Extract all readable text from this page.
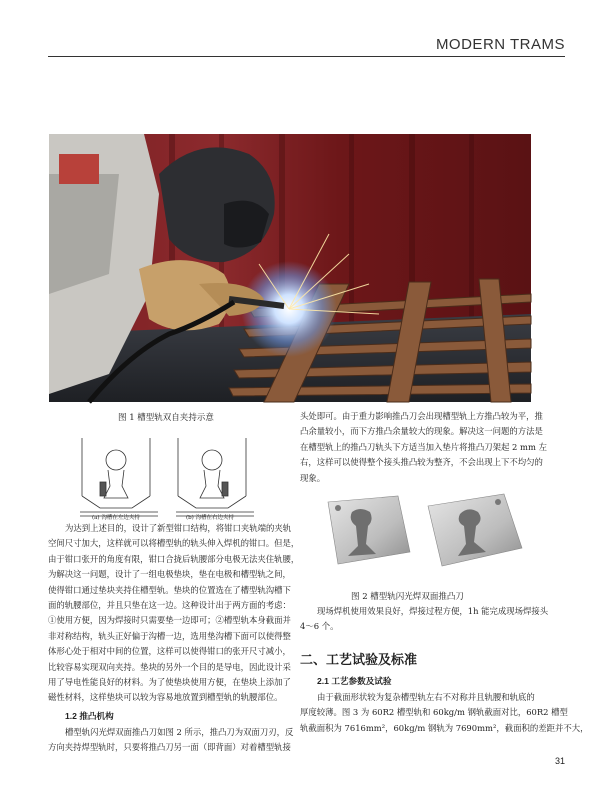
MODERN TRAMS
图 1 槽型轨双自夹持示意
(a) 沟槽在左边夹持	(b) 沟槽在右边夹持
为达到上述目的，设计了新型钳口结构，将钳口夹轨端的夹轨
空间尺寸加大，这样就可以将槽型轨的轨头伸入焊机的钳口。但是，
由于钳口张开的角度有限，钳口合拢后轨腰部分电极无法夹住轨腰，
为解决这一问题，设计了一组电极垫块，垫在电极和槽型轨之间，
使得钳口通过垫块夹持住槽型轨。垫块的位置选在了槽型轨沟槽下
面的轨腰部位，并且只垫在这一边。这种设计出于两方面的考虑：
①使用方便，因为焊接时只需要垫一边即可；②槽型轨本身截面并
非对称结构，轨头正好偏于沟槽一边，选用垫沟槽下面可以使得整
体形心处于相对中间的位置，这样可以使得钳口的张开尺寸减小，
比较容易实现双向夹持。垫块的另外一个目的是导电，因此设计采
用了导电性能良好的材料。为了使垫块使用方便，在垫块上添加了
磁性材料，这样垫块可以较为容易地放置到槽型轨的轨腰部位。
1.2 推凸机构
槽型轨闪光焊双面推凸刀如图 2 所示，推凸刀为双面刀刃，反
方向夹持焊型轨时，只要将推凸刀另一面（即背面）对着槽型轨接
头处即可。由于重力影响推凸刀会出现槽型轨上方推凸较为平，推
凸余量较小，而下方推凸余量较大的现象。解决这一问题的方法是
在槽型轨上的推凸刀轨头下方适当加入垫片将推凸刀架起 2 mm 左
右，这样可以使得整个接头推凸较为整齐，不会出现上下不均匀的
现象。
图 2 槽型轨闪光焊双面推凸刀
现场焊机使用效果良好，焊接过程方便，1h 能完成现场焊接头
4～6 个。
二、工艺试验及标准
2.1 工艺参数及试验
由于截面形状较为复杂槽型轨左右不对称并且轨腰和轨底的
厚度较薄。图 3 为 60R2 槽型轨和 60kg/m 钢轨截面对比，60R2 槽型
轨截面积为 7616mm²，60kg/m 钢轨为 7690mm²，截面积的差距并不大，
31
